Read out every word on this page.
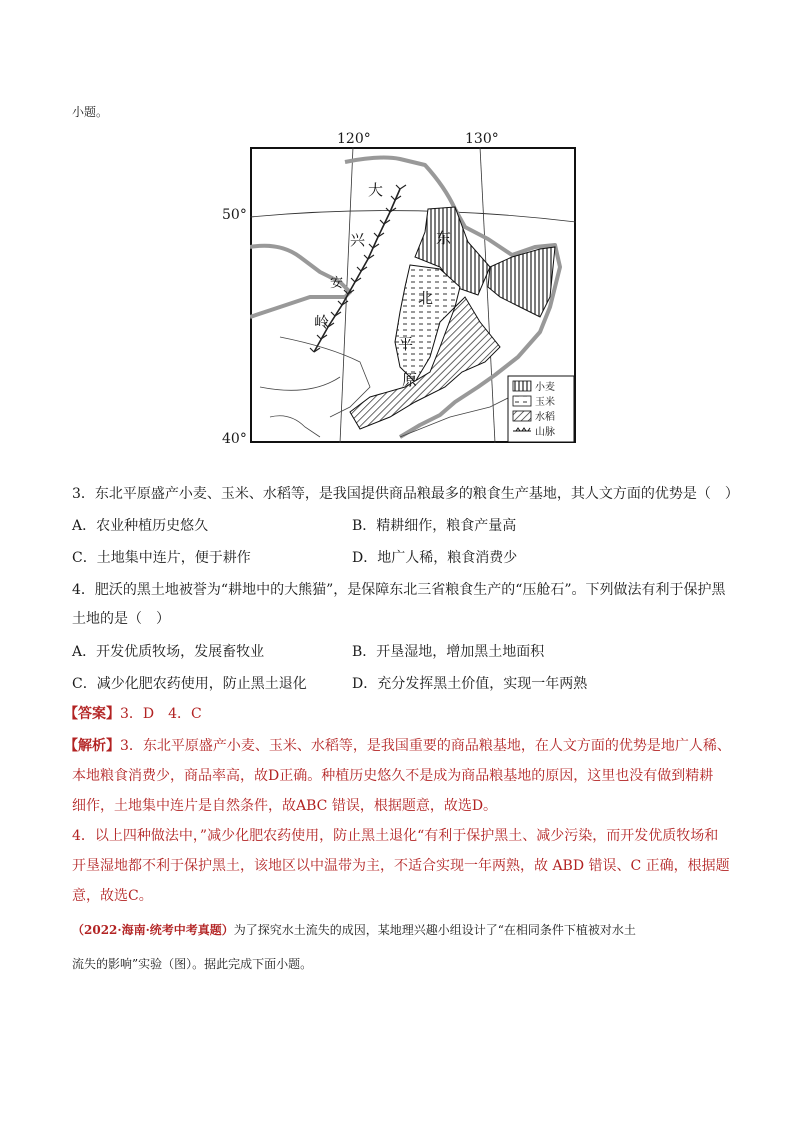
小题。
120°	130°
50°
40°
大
兴
安
岭
东
北
平
原	小麦
玉米
水稻
山脉
3．东北平原盛产小麦、玉米、水稻等，是我国提供商品粮最多的粮食生产基地，其人文方面的优势是（　）
A．农业种植历史悠久	B．精耕细作，粮食产量高
C．土地集中连片，便于耕作	D．地广人稀，粮食消费少
4．肥沃的黑土地被誉为“耕地中的大熊猫”，是保障东北三省粮食生产的“压舱石”。下列做法有利于保护黑
土地的是（　）
A．开发优质牧场，发展畜牧业	B．开垦湿地，增加黑土地面积
C．减少化肥农药使用，防止黑土退化	D．充分发挥黑土价值，实现一年两熟
【答案】3．D　4．C
【解析】3．东北平原盛产小麦、玉米、水稻等，是我国重要的商品粮基地，在人文方面的优势是地广人稀、
本地粮食消费少，商品率高，故D正确。种植历史悠久不是成为商品粮基地的原因，这里也没有做到精耕
细作，土地集中连片是自然条件，故ABC 错误，根据题意，故选D。
4．以上四种做法中，”减少化肥农药使用，防止黑土退化“有利于保护黑土、减少污染，而开发优质牧场和
开垦湿地都不利于保护黑土，该地区以中温带为主，不适合实现一年两熟，故 ABD 错误、C 正确，根据题
意，故选C。
（2022·海南·统考中考真题）为了探究水土流失的成因，某地理兴趣小组设计了“在相同条件下植被对水土
流失的影响”实验（图）。据此完成下面小题。
